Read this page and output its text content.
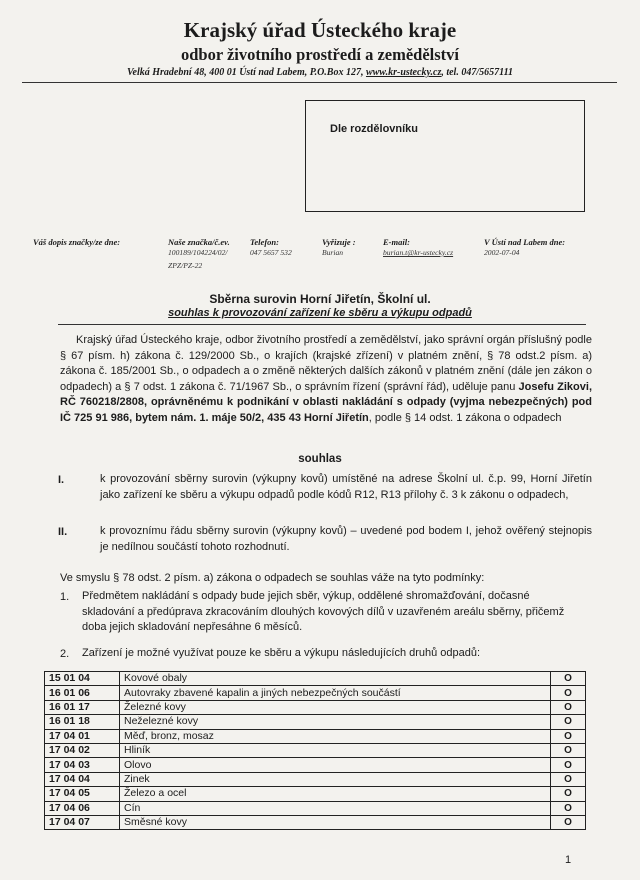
Krajský úřad Ústeckého kraje
odbor životního prostředí a zemědělství
Velká Hradební 48, 400 01 Ústí nad Labem, P.O.Box 127, www.kr-ustecky.cz, tel. 047/5657111
Dle rozdělovníku
Váš dopis značky/ze dne:	Naše značka/č.ev.
100189/104224/02/
ZPZ/PZ-22
Telefon:
047 5657 532
Vyřizuje :
Burian
E-mail:
burian.t@kr-ustecky.cz
V Ústí nad Labem dne:
2002-07-04
Sběrna surovin Horní Jiřetín, Školní ul.
souhlas k provozování zařízení ke sběru a výkupu odpadů
Krajský úřad Ústeckého kraje, odbor životního prostředí a zemědělství, jako správní orgán příslušný podle § 67 písm. h) zákona č. 129/2000 Sb., o krajích (krajské zřízení) v platném znění, § 78 odst.2 písm. a) zákona č. 185/2001 Sb., o odpadech a o změně některých dalších zákonů v platném znění (dále jen zákon o odpadech) a § 7 odst. 1 zákona č. 71/1967 Sb., o správním řízení (správní řád), uděluje panu Josefu Zikovi, RČ 760218/2808, oprávněnému k podnikání v oblasti nakládání s odpady (vyjma nebezpečných) pod IČ 725 91 986, bytem nám. 1. máje 50/2, 435 43 Horní Jiřetín, podle § 14 odst. 1 zákona o odpadech
souhlas
I.	k provozování sběrny surovin (výkupny kovů) umístěné na adrese Školní ul. č.p. 99, Horní Jiřetín jako zařízení ke sběru a výkupu odpadů podle kódů R12, R13 přílohy č. 3 k zákonu o odpadech,
II.	k provoznímu řádu sběrny surovin (výkupny kovů) – uvedené pod bodem I, jehož ověřený stejnopis je nedílnou součástí tohoto rozhodnutí.
Ve smyslu § 78 odst. 2 písm. a) zákona o odpadech se souhlas váže na tyto podmínky:
1. Předmětem nakládání s odpady bude jejich sběr, výkup, oddělené shromažďování, dočasné skladování a předúprava zkracováním dlouhých kovových dílů v uzavřeném areálu sběrny, přičemž doba jejich skladování nepřesáhne 6 měsíců.
2. Zařízení je možné využívat pouze ke sběru a výkupu následujících druhů odpadů:
15 01 04	Kovové obaly	O
16 01 06	Autovraky zbavené kapalin a jiných nebezpečných součástí	O
16 01 17	Železné kovy	O
16 01 18	Neželezné kovy	O
17 04 01	Měď, bronz, mosaz	O
17 04 02	Hliník	O
17 04 03	Olovo	O
17 04 04	Zinek	O
17 04 05	Železo a ocel	O
17 04 06	Cín	O
17 04 07	Směsné kovy	O
1
